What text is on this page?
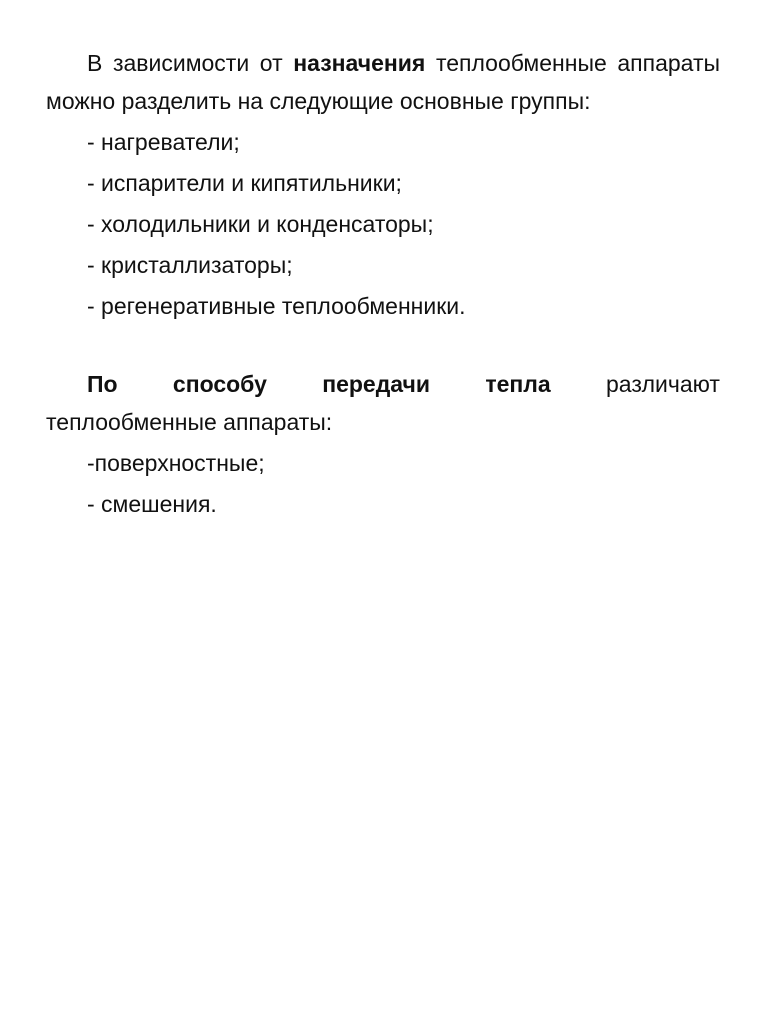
В зависимости от назначения теплообменные аппараты можно разделить на следующие основные группы:

- нагреватели;

- испарители и кипятильники;

- холодильники и конденсаторы;

- кристаллизаторы;

- регенеративные теплообменники.

По способу передачи тепла различают

теплообменные аппараты:

-поверхностные;

- смешения.
